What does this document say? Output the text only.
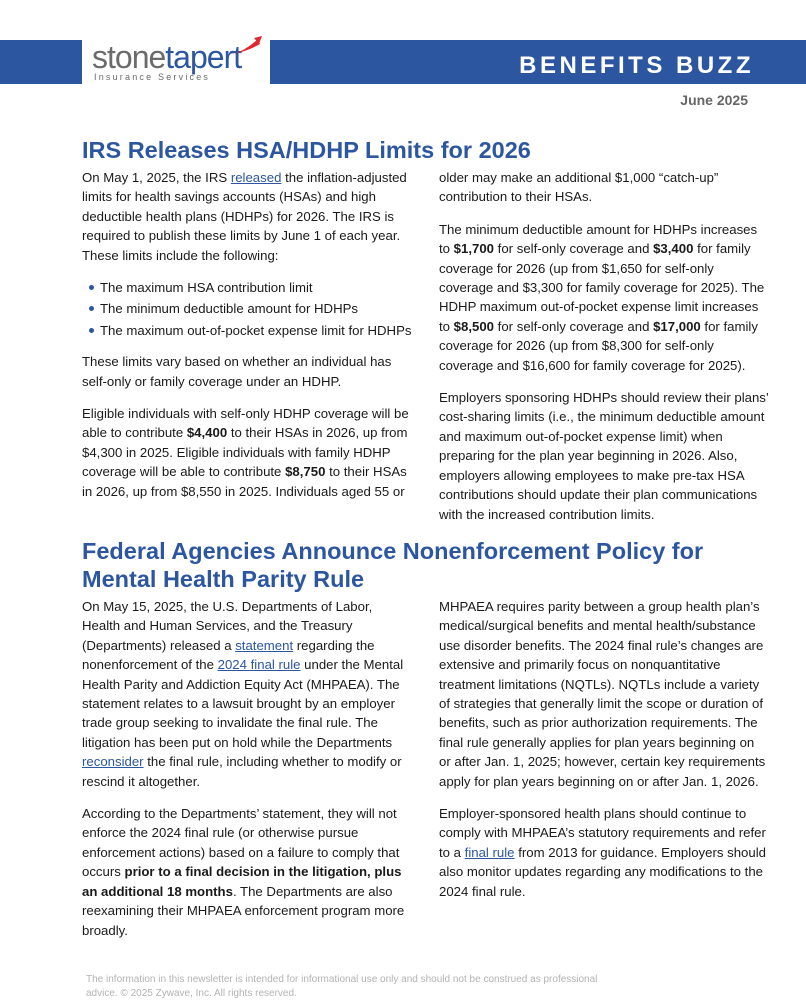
stonetapert
Insurance Services	BENEFITS BUZZ
June 2025
IRS Releases HSA/HDHP Limits for 2026

On May 1, 2025, the IRS released the inflation-adjusted limits for health savings accounts (HSAs) and high deductible health plans (HDHPs) for 2026. The IRS is required to publish these limits by June 1 of each year. These limits include the following:

The maximum HSA contribution limit
The minimum deductible amount for HDHPs
The maximum out-of-pocket expense limit for HDHPs

These limits vary based on whether an individual has self-only or family coverage under an HDHP.

Eligible individuals with self-only HDHP coverage will be able to contribute $4,400 to their HSAs in 2026, up from $4,300 in 2025. Eligible individuals with family HDHP coverage will be able to contribute $8,750 to their HSAs in 2026, up from $8,550 in 2025. Individuals aged 55 or

older may make an additional $1,000 “catch-up” contribution to their HSAs.

The minimum deductible amount for HDHPs increases to $1,700 for self-only coverage and $3,400 for family coverage for 2026 (up from $1,650 for self-only coverage and $3,300 for family coverage for 2025). The HDHP maximum out-of-pocket expense limit increases to $8,500 for self-only coverage and $17,000 for family coverage for 2026 (up from $8,300 for self-only coverage and $16,600 for family coverage for 2025).

Employers sponsoring HDHPs should review their plans’ cost-sharing limits (i.e., the minimum deductible amount and maximum out-of-pocket expense limit) when preparing for the plan year beginning in 2026. Also, employers allowing employees to make pre-tax HSA contributions should update their plan communications with the increased contribution limits.

Federal Agencies Announce Nonenforcement Policy for Mental Health Parity Rule

On May 15, 2025, the U.S. Departments of Labor, Health and Human Services, and the Treasury (Departments) released a statement regarding the nonenforcement of the 2024 final rule under the Mental Health Parity and Addiction Equity Act (MHPAEA). The statement relates to a lawsuit brought by an employer trade group seeking to invalidate the final rule. The litigation has been put on hold while the Departments reconsider the final rule, including whether to modify or rescind it altogether.

According to the Departments’ statement, they will not enforce the 2024 final rule (or otherwise pursue enforcement actions) based on a failure to comply that occurs prior to a final decision in the litigation, plus an additional 18 months. The Departments are also reexamining their MHPAEA enforcement program more broadly.

MHPAEA requires parity between a group health plan’s medical/surgical benefits and mental health/substance use disorder benefits. The 2024 final rule’s changes are extensive and primarily focus on nonquantitative treatment limitations (NQTLs). NQTLs include a variety of strategies that generally limit the scope or duration of benefits, such as prior authorization requirements. The final rule generally applies for plan years beginning on or after Jan. 1, 2025; however, certain key requirements apply for plan years beginning on or after Jan. 1, 2026.

Employer-sponsored health plans should continue to comply with MHPAEA’s statutory requirements and refer to a final rule from 2013 for guidance. Employers should also monitor updates regarding any modifications to the 2024 final rule.

The information in this newsletter is intended for informational use only and should not be construed as professional advice. © 2025 Zywave, Inc. All rights reserved.
